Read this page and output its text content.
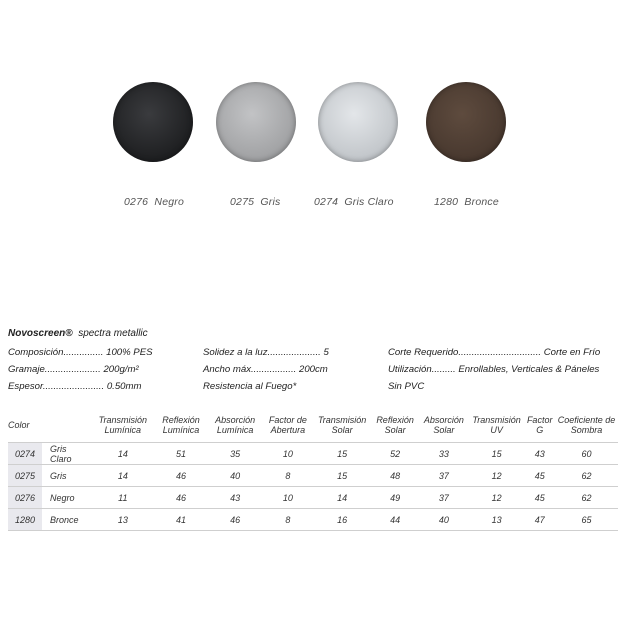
0276 Negro	0275 Gris	0274 Gris Claro	1280 Bronce
Novoscreen® spectra metallic
Composición............... 100% PES
Gramaje..................... 200g/m²
Espesor....................... 0.50mm
Solidez a la luz.................... 5
Ancho máx................. 200cm
Resistencia al Fuego*
Corte Requerido............................... Corte en Frío
Utilización......... Enrollables, Verticales & Páneles
Sin PVC
Color		Transmisión Lumínica	Reflexión Lumínica	Absorción Lumínica	Factor de Abertura	Transmisión Solar	Reflexión Solar	Absorción Solar	Transmisión UV	Factor G	Coeficiente de Sombra
0274	Gris Claro	14	51	35	10	15	52	33	15	43	60
0275	Gris	14	46	40	8	15	48	37	12	45	62
0276	Negro	11	46	43	10	14	49	37	12	45	62
1280	Bronce	13	41	46	8	16	44	40	13	47	65
